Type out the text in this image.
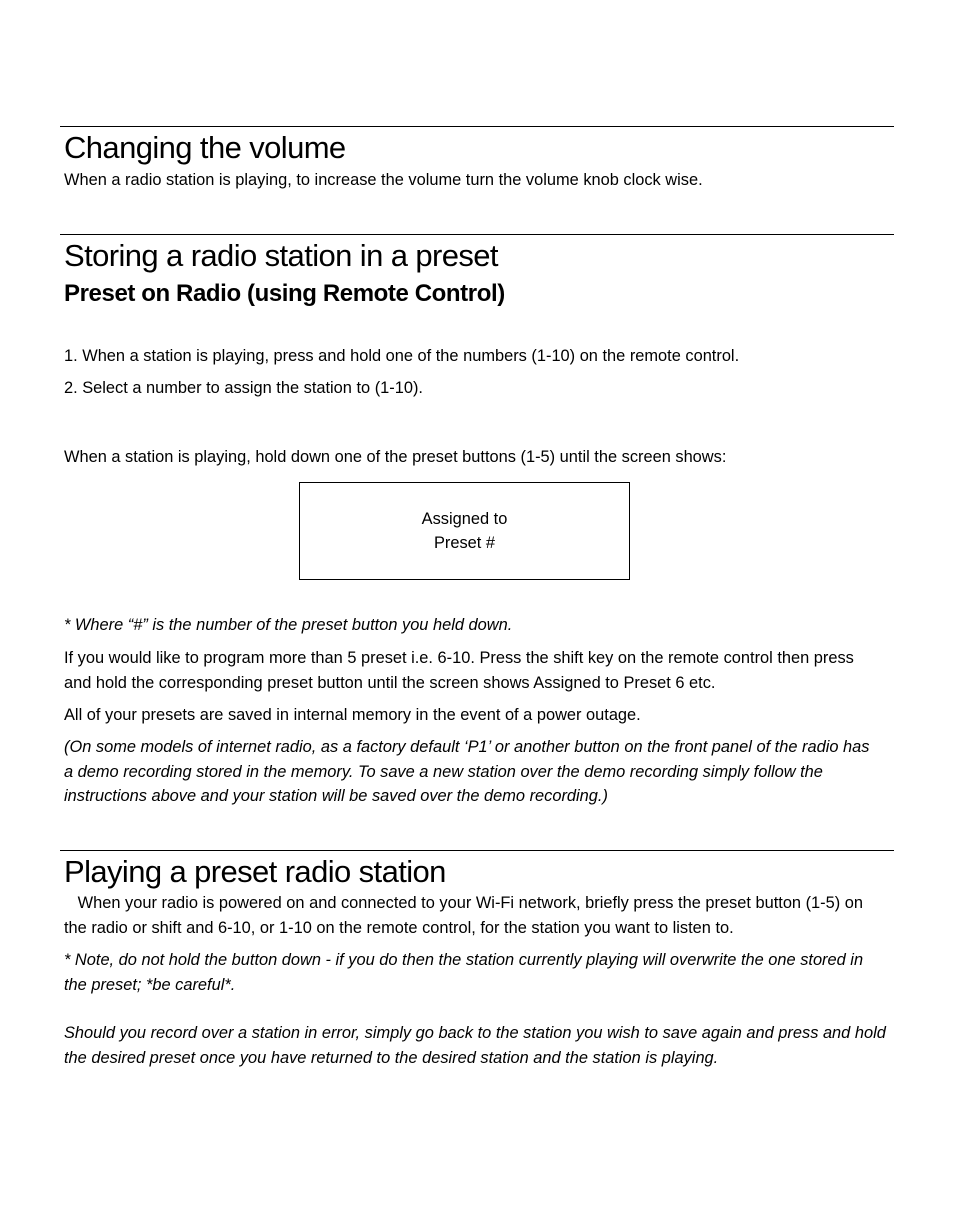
Changing the volume

When a radio station is playing, to increase the volume turn the volume knob clock wise.

Storing a radio station in a preset
Preset on Radio (using Remote Control)

1. When a station is playing, press and hold one of the numbers (1-10) on the remote control.

2. Select a number to assign the station to (1-10).

When a station is playing, hold down one of the preset buttons (1-5) until the screen shows:

Assigned to
Preset #

* Where “#” is the number of the preset button you held down.

If you would like to program more than 5 preset i.e. 6-10. Press the shift key on the remote control then press and hold the corresponding preset button until the screen shows Assigned to Preset 6 etc.

All of your presets are saved in internal memory in the event of a power outage.

(On some models of internet radio, as a factory default ‘P1’ or another button on the front panel of the radio has a demo recording stored in the memory. To save a new station over the demo recording simply follow the instructions above and your station will be saved over the demo recording.)

Playing a preset radio station

When your radio is powered on and connected to your Wi-Fi network, briefly press the preset button (1-5) on the radio or shift and 6-10, or 1-10 on the remote control, for the station you want to listen to.

* Note, do not hold the button down - if you do then the station currently playing will overwrite the one stored in the preset; *be careful*.

Should you record over a station in error, simply go back to the station you wish to save again and press and hold the desired preset once you have returned to the desired station and the station is playing.
